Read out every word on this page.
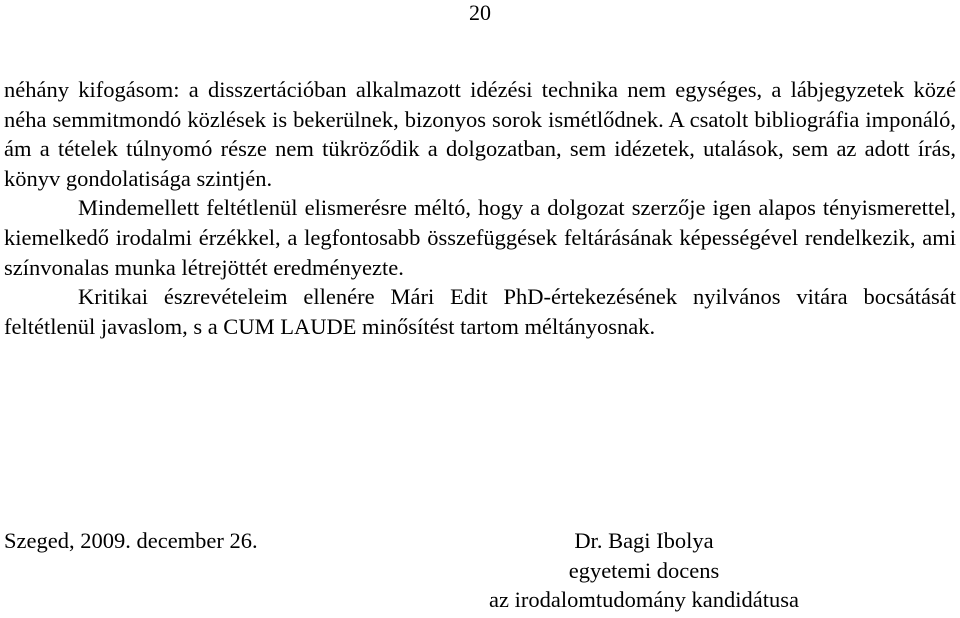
20

néhány kifogásom: a disszertációban alkalmazott idézési technika nem egységes, a lábjegyzetek közé néha semmitmondó közlések is bekerülnek, bizonyos sorok ismétlődnek. A csatolt bibliográfia imponáló, ám a tételek túlnyomó része nem tükröződik a dolgozatban, sem idézetek, utalások, sem az adott írás, könyv gondolatisága szintjén.

Mindemellett feltétlenül elismerésre méltó, hogy a dolgozat szerzője igen alapos tényismerettel, kiemelkedő irodalmi érzékkel, a legfontosabb összefüggések feltárásának képességével rendelkezik, ami színvonalas munka létrejöttét eredményezte.

Kritikai észrevételeim ellenére Mári Edit PhD-értekezésének nyilvános vitára bocsátását feltétlenül javaslom, s a CUM LAUDE minősítést tartom méltányosnak.

Szeged, 2009. december 26.	Dr. Bagi Ibolya
egyetemi docens
az irodalomtudomány kandidátusa
